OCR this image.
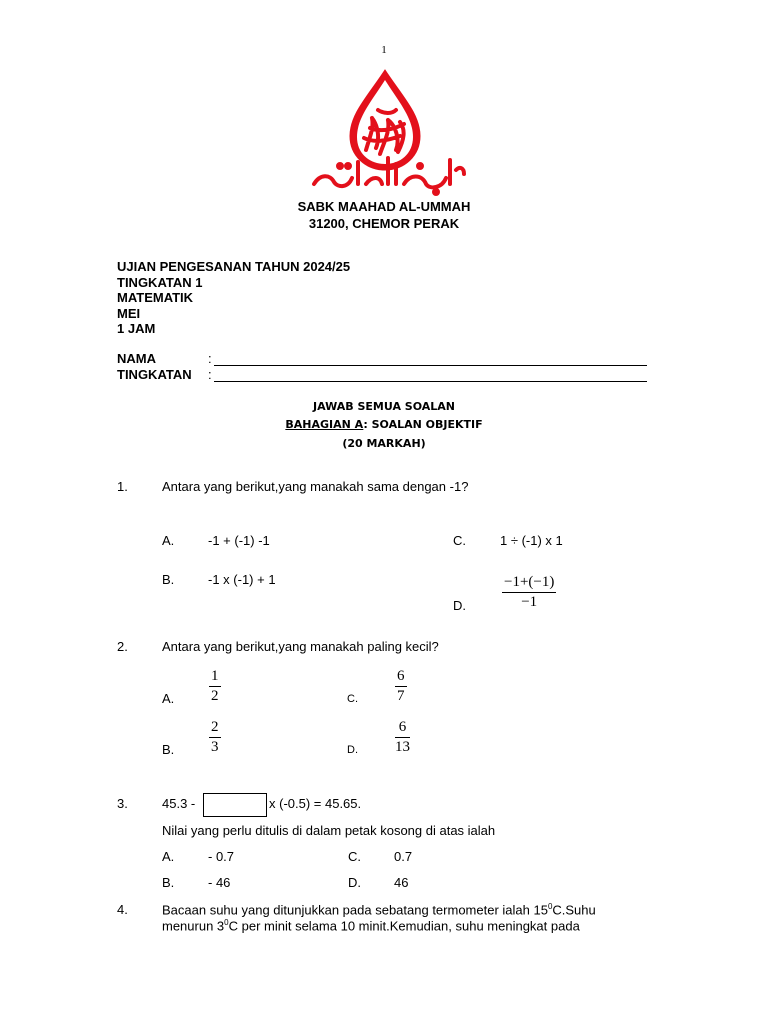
1
SABK MAAHAD AL-UMMAH
31200, CHEMOR PERAK
UJIAN PENGESANAN TAHUN 2024/25
TINGKATAN 1
MATEMATIK
MEI
1 JAM
NAMA	:
TINGKATAN :
JAWAB SEMUA SOALAN
BAHAGIAN A: SOALAN OBJEKTIF
(20 MARKAH)
1.	Antara yang berikut,yang manakah sama dengan -1?
A.	-1 + (-1) -1	C.	1 ÷ (-1) x 1
B.	-1 x (-1) + 1
D. $\frac{-1+(-1)}{-1}$
2.	Antara yang berikut,yang manakah paling kecil?
A. $\frac{1}{2}$	C. $\frac{6}{7}$
B. $\frac{2}{3}$	D. $\frac{6}{13}$
3.	45.3 -	x (-0.5) = 45.65.
Nilai yang perlu ditulis di dalam petak kosong di atas ialah
A.	- 0.7	C.	0.7
B.	- 46	D.	46
4.	Bacaan suhu yang ditunjukkan pada sebatang termometer ialah $15^0C.Suhu$
menurun $3^0C$ per minit selama 10 minit.Kemudian, suhu meningkat pada
